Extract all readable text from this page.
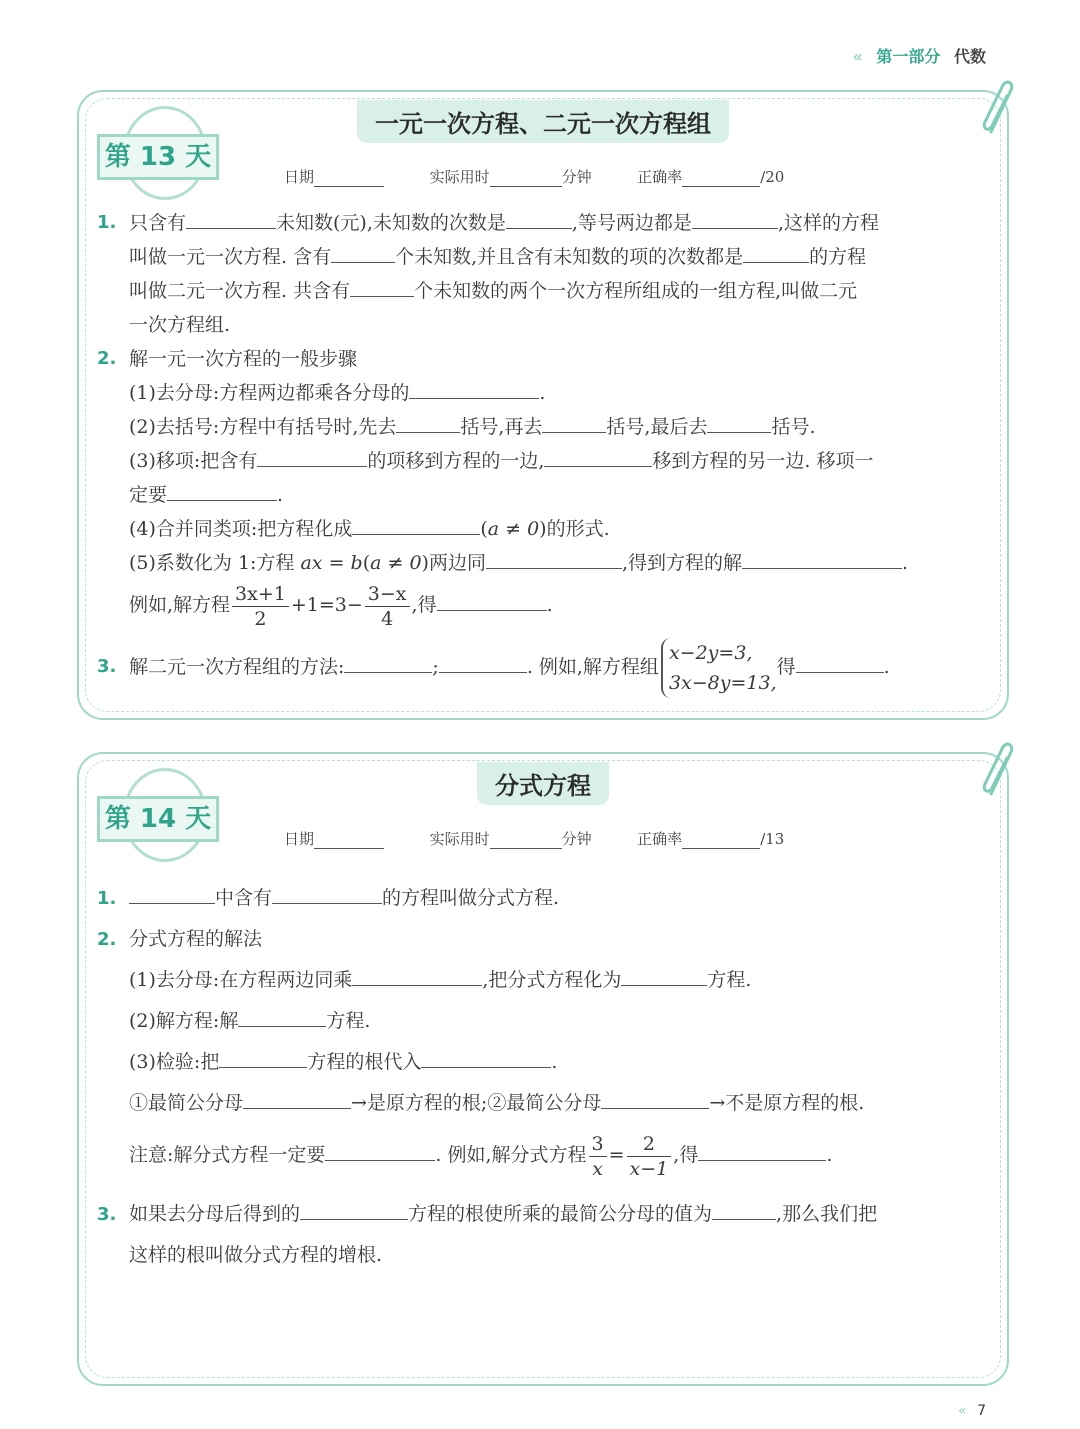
« 第一部分 代数
第 13 天
一元一次方程、二元一次方程组
日期	实际用时	分钟	正确率	/20
1. 只含有	未知数(元),未知数的次数是	,等号两边都是	,这样的方程
叫做一元一次方程. 含有	个未知数,并且含有未知数的项的次数都是	的方程
叫做二元一次方程. 共含有	个未知数的两个一次方程所组成的一组方程,叫做二元
一次方程组.
2. 解一元一次方程的一般步骤
(1)去分母:方程两边都乘各分母的	.
(2)去括号:方程中有括号时,先去	括号,再去	括号,最后去	括号.
(3)移项:把含有	的项移到方程的一边,	移到方程的另一边. 移项一
定要	.
(4)合并同类项:把方程化成	(a ≠ 0)的形式.
(5)系数化为 1:方程 ax = b(a ≠ 0)两边同	,得到方程的解	.

例如,解方程 $\frac{3x+1}{2} +1=3- \frac{3-x}{4}$ ,得	.
3. 解二元一次方程组的方法:	;	. 例如,解方程组x−2y=3,
3x−8y=13,得	.
第 14 天
分式方程
日期	实际用时	分钟	正确率	/13
1.	中含有	的方程叫做分式方程.
2. 分式方程的解法
(1)去分母:在方程两边同乘	,把分式方程化为	方程.
(2)解方程:解	方程.
(3)检验:把	方程的根代入	.
①最简公分母	→是原方程的根;②最简公分母	→不是原方程的根.

注意:解分式方程一定要	. 例如,解分式方程 $\frac{3}{x} = \frac{2}{x-1}$ ,得	.
3. 如果去分母后得到的	方程的根使所乘的最简公分母的值为	,那么我们把
这样的根叫做分式方程的增根.
« 7
